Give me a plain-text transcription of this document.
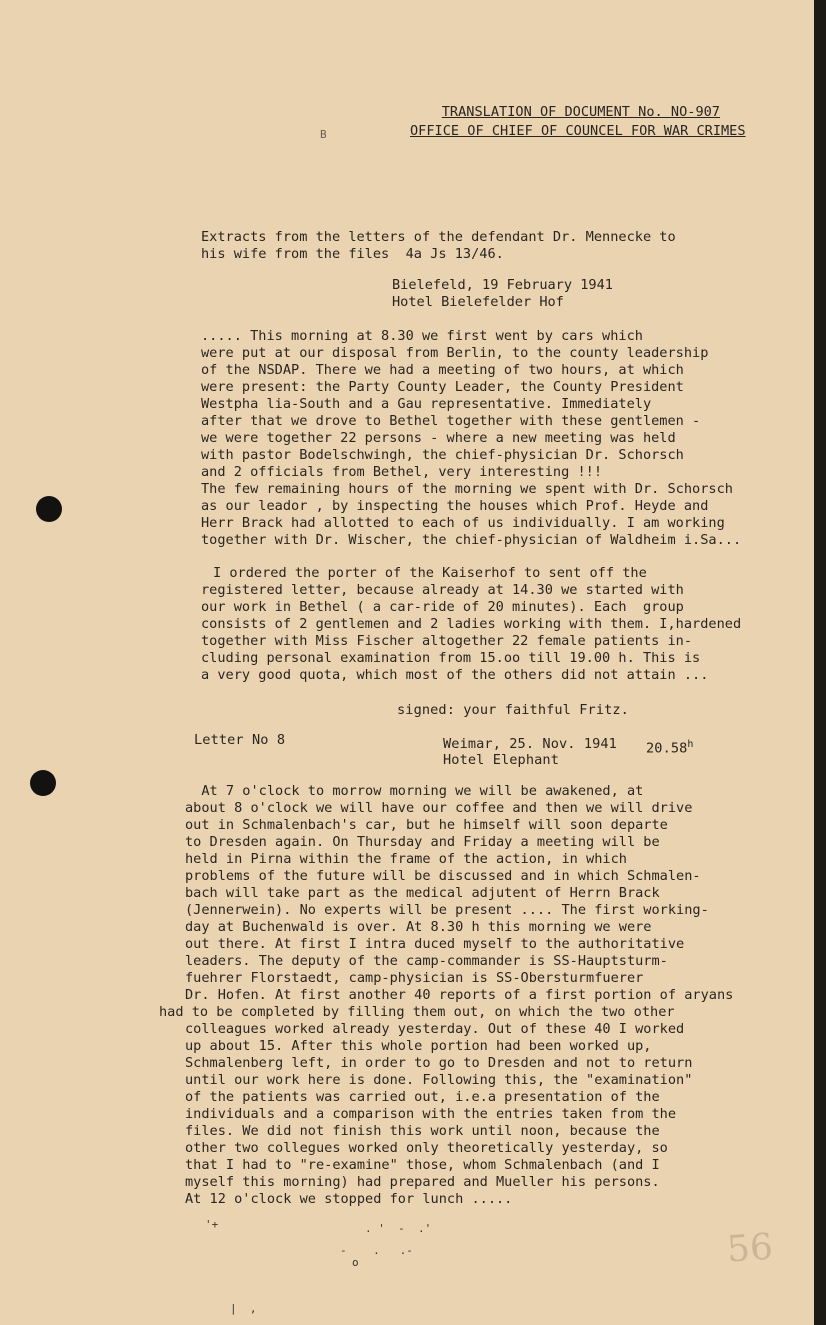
B
TRANSLATION OF DOCUMENT No. NO-907
OFFICE OF CHIEF OF COUNCEL FOR WAR CRIMES
Extracts from the letters of the defendant Dr. Mennecke to
his wife from the files  4a Js 13/46.
Bielefeld, 19 February 1941
Hotel Bielefelder Hof
..... This morning at 8.30 we first went by cars which
were put at our disposal from Berlin, to the county leadership
of the NSDAP. There we had a meeting of two hours, at which
were present: the Party County Leader, the County President
Westpha lia-South and a Gau representative. Immediately
after that we drove to Bethel together with these gentlemen -
we were together 22 persons - where a new meeting was held
with pastor Bodelschwingh, the chief-physician Dr. Schorsch
and 2 officials from Bethel, very interesting !!!
The few remaining hours of the morning we spent with Dr. Schorsch
as our leador , by inspecting the houses which Prof. Heyde and
Herr Brack had allotted to each of us individually. I am working
together with Dr. Wischer, the chief-physician of Waldheim i.Sa...
I ordered the porter of the Kaiserhof to sent off the
registered letter, because already at 14.30 we started with
our work in Bethel ( a car-ride of 20 minutes). Each  group
consists of 2 gentlemen and 2 ladies working with them. I,hardened
together with Miss Fischer altogether 22 female patients in-
cluding personal examination from 15.oo till 19.00 h. This is
a very good quota, which most of the others did not attain ...
signed: your faithful Fritz.
Letter No 8	Weimar, 25. Nov. 1941 20.58$^h$
Hotel Elephant
At 7 o'clock to morrow morning we will be awakened, at
about 8 o'clock we will have our coffee and then we will drive
out in Schmalenbach's car, but he himself will soon departe
to Dresden again. On Thursday and Friday a meeting will be
held in Pirna within the frame of the action, in which
problems of the future will be discussed and in which Schmalen-
bach will take part as the medical adjutent of Herrn Brack
(Jennerwein). No experts will be present .... The first working-
day at Buchenwald is over. At 8.30 h this morning we were
out there. At first I intra duced myself to the authoritative
leaders. The deputy of the camp-commander is SS-Hauptsturm-
fuehrer Florstaedt, camp-physician is SS-Obersturmfuerer
Dr. Hofen. At first another 40 reports of a first portion of aryans
had to be completed by filling them out, on which the two other
colleagues worked already yesterday. Out of these 40 I worked
up about 15. After this whole portion had been worked up,
Schmalenberg left, in order to go to Dresden and not to return
until our work here is done. Following this, the "examination"
of the patients was carried out, i.e.a presentation of the
individuals and a comparison with the entries taken from the
files. We did not finish this work until noon, because the
other two collegues worked only theoretically yesterday, so
that I had to "re-examine" those, whom Schmalenbach (and I
myself this morning) had prepared and Mueller his persons.
At 12 o'clock we stopped for lunch .....
'+	. '  -  .'
-    .   .-
o
|  ,
56
